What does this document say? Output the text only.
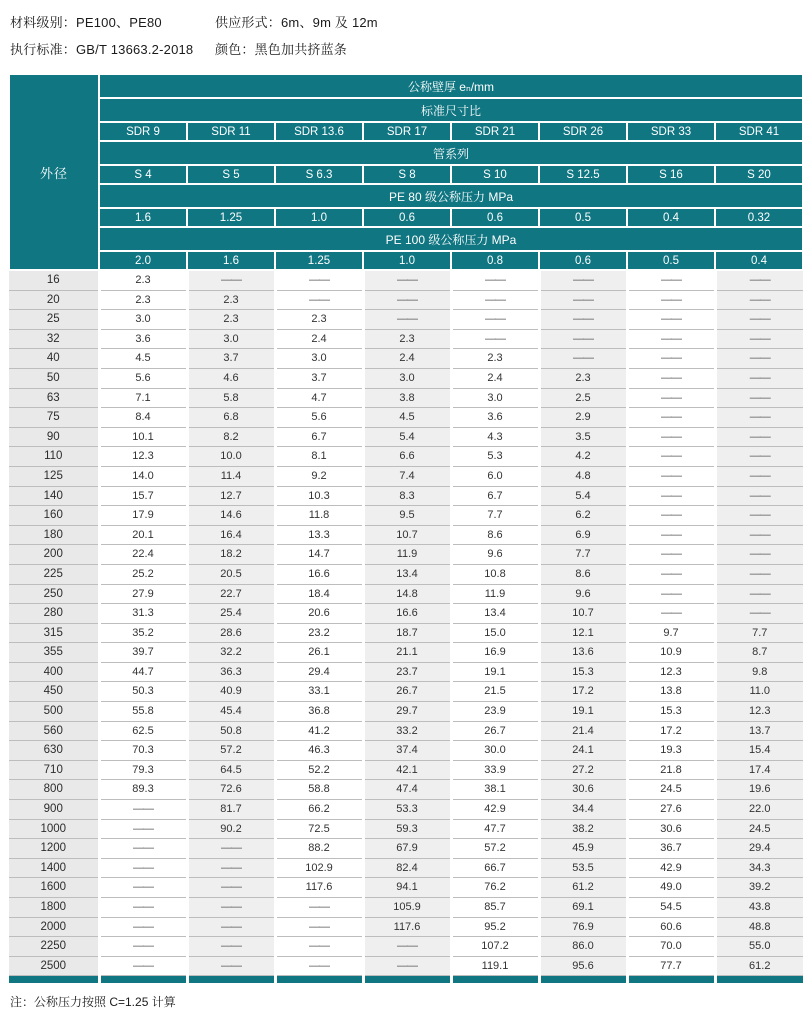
材料级别：PE100、PE80	供应形式：6m、9m 及 12m
执行标准：GB/T 13663.2-2018	颜色：黑色加共挤蓝条
外径	公称壁厚 eₙ/mm							
	标准尺寸比							
	SDR 9	SDR 11	SDR 13.6	SDR 17	SDR 21	SDR 26	SDR 33	SDR 41
	管系列							
	S 4	S 5	S 6.3	S 8	S 10	S 12.5	S 16	S 20
	PE 80 级公称压力 MPa							
	1.6	1.25	1.0	0.6	0.6	0.5	0.4	0.32
	PE 100 级公称压力 MPa							
	2.0	1.6	1.25	1.0	0.8	0.6	0.5	0.4
16	2.3	——	——	——	——	——	——	——
20	2.3	2.3	——	——	——	——	——	——
25	3.0	2.3	2.3	——	——	——	——	——
32	3.6	3.0	2.4	2.3	——	——	——	——
40	4.5	3.7	3.0	2.4	2.3	——	——	——
50	5.6	4.6	3.7	3.0	2.4	2.3	——	——
63	7.1	5.8	4.7	3.8	3.0	2.5	——	——
75	8.4	6.8	5.6	4.5	3.6	2.9	——	——
90	10.1	8.2	6.7	5.4	4.3	3.5	——	——
110	12.3	10.0	8.1	6.6	5.3	4.2	——	——
125	14.0	11.4	9.2	7.4	6.0	4.8	——	——
140	15.7	12.7	10.3	8.3	6.7	5.4	——	——
160	17.9	14.6	11.8	9.5	7.7	6.2	——	——
180	20.1	16.4	13.3	10.7	8.6	6.9	——	——
200	22.4	18.2	14.7	11.9	9.6	7.7	——	——
225	25.2	20.5	16.6	13.4	10.8	8.6	——	——
250	27.9	22.7	18.4	14.8	11.9	9.6	——	——
280	31.3	25.4	20.6	16.6	13.4	10.7	——	——
315	35.2	28.6	23.2	18.7	15.0	12.1	9.7	7.7
355	39.7	32.2	26.1	21.1	16.9	13.6	10.9	8.7
400	44.7	36.3	29.4	23.7	19.1	15.3	12.3	9.8
450	50.3	40.9	33.1	26.7	21.5	17.2	13.8	11.0
500	55.8	45.4	36.8	29.7	23.9	19.1	15.3	12.3
560	62.5	50.8	41.2	33.2	26.7	21.4	17.2	13.7
630	70.3	57.2	46.3	37.4	30.0	24.1	19.3	15.4
710	79.3	64.5	52.2	42.1	33.9	27.2	21.8	17.4
800	89.3	72.6	58.8	47.4	38.1	30.6	24.5	19.6
900	——	81.7	66.2	53.3	42.9	34.4	27.6	22.0
1000	——	90.2	72.5	59.3	47.7	38.2	30.6	24.5
1200	——	——	88.2	67.9	57.2	45.9	36.7	29.4
1400	——	——	102.9	82.4	66.7	53.5	42.9	34.3
1600	——	——	117.6	94.1	76.2	61.2	49.0	39.2
1800	——	——	——	105.9	85.7	69.1	54.5	43.8
2000	——	——	——	117.6	95.2	76.9	60.6	48.8
2250	——	——	——	——	107.2	86.0	70.0	55.0
2500	——	——	——	——	119.1	95.6	77.7	61.2

注：公称压力按照 C=1.25 计算
